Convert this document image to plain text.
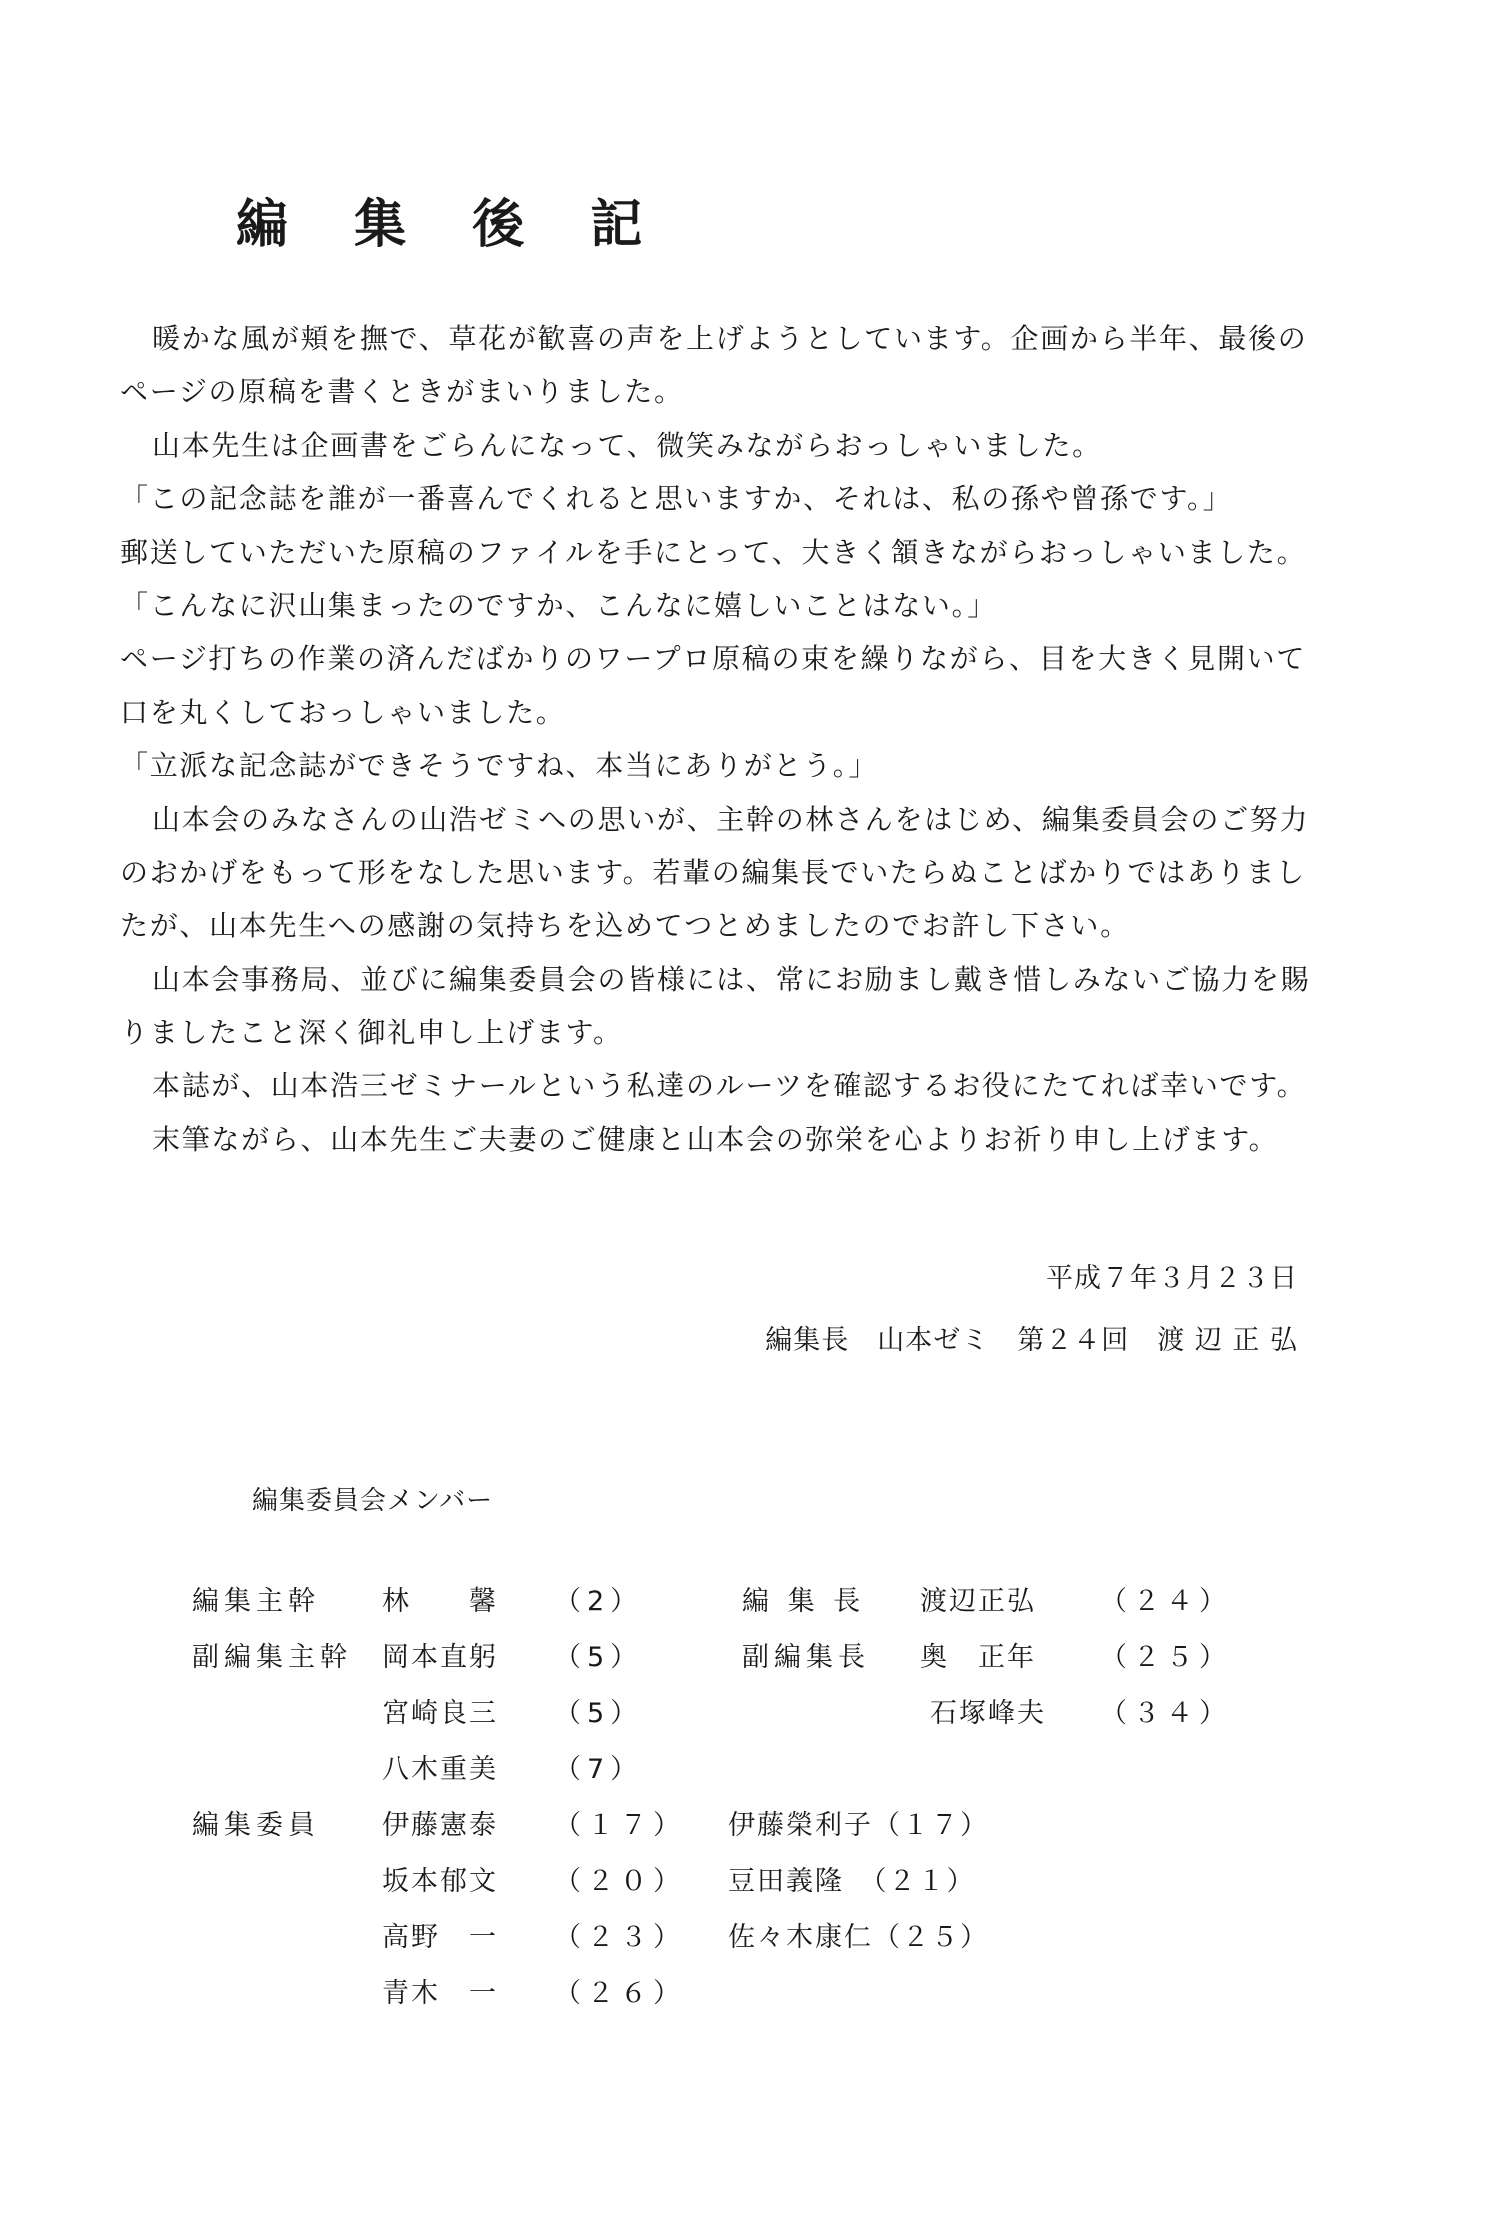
編 集 後 記
暖かな風が頬を撫で、草花が歓喜の声を上げようとしています。企画から半年、最後の
ページの原稿を書くときがまいりました。
山本先生は企画書をごらんになって、微笑みながらおっしゃいました。
「この記念誌を誰が一番喜んでくれると思いますか、それは、私の孫や曾孫です。」
郵送していただいた原稿のファイルを手にとって、大きく頷きながらおっしゃいました。
「こんなに沢山集まったのですか、こんなに嬉しいことはない。」
ページ打ちの作業の済んだばかりのワープロ原稿の束を繰りながら、目を大きく見開いて
口を丸くしておっしゃいました。
「立派な記念誌ができそうですね、本当にありがとう。」
山本会のみなさんの山浩ゼミへの思いが、主幹の林さんをはじめ、編集委員会のご努力
のおかげをもって形をなした思います。若輩の編集長でいたらぬことばかりではありまし
たが、山本先生への感謝の気持ちを込めてつとめましたのでお許し下さい。
山本会事務局、並びに編集委員会の皆様には、常にお励まし戴き惜しみないご協力を賜
りましたこと深く御礼申し上げます。
本誌が、山本浩三ゼミナールという私達のルーツを確認するお役にたてれば幸いです。
末筆ながら、山本先生ご夫妻のご健康と山本会の弥栄を心よりお祈り申し上げます。
平成７年３月２３日
編集長　山本ゼミ　第２４回　渡 辺 正 弘
編集委員会メンバー
編集主幹 林　　馨 （2）	編 集 長 渡辺正弘 （２４）
副編集主幹 岡本直躬 （5）	副編集長 奥　正年 （２５）
宮崎良三 （5）	石塚峰夫 （３４）
八木重美 （7）
編集委員 伊藤憲泰 （１７） 伊藤榮利子（１７）
坂本郁文 （２０） 豆田義隆　（２１）
高野　一 （２３） 佐々木康仁（２５）
青木　一 （２６）
